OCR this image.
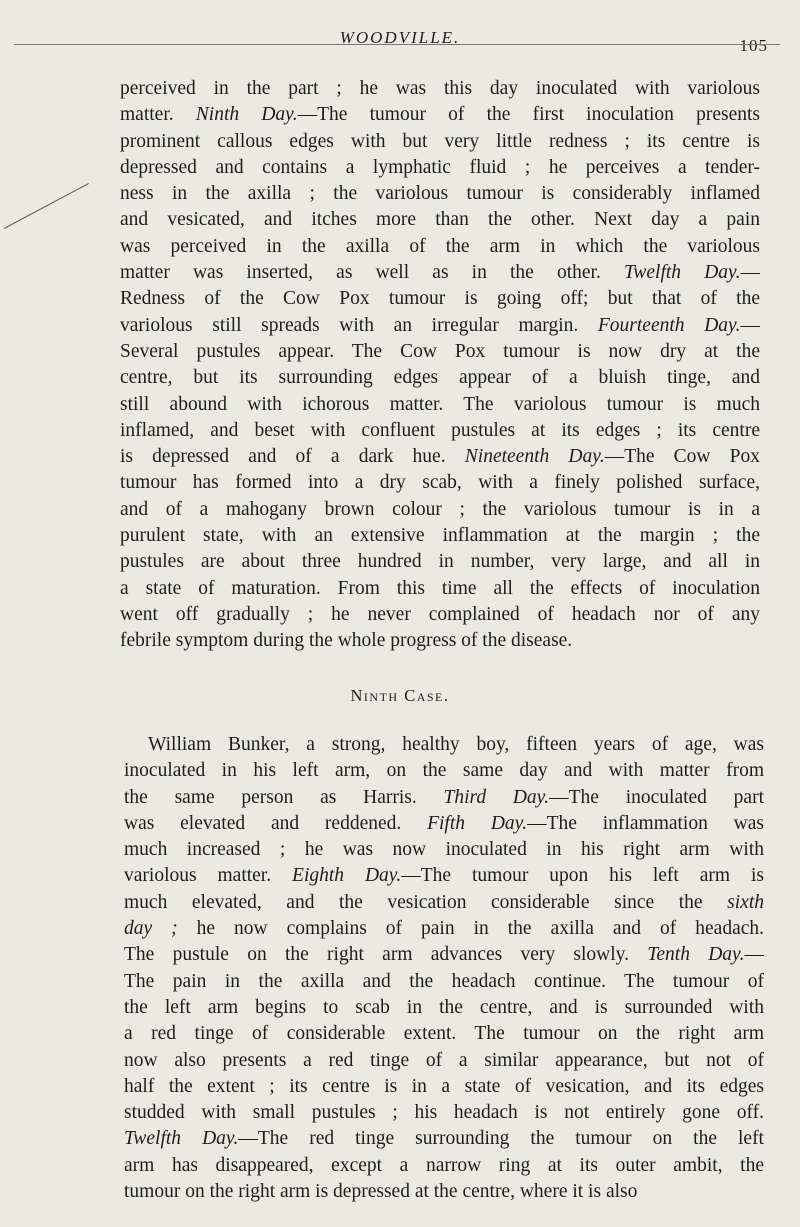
WOODVILLE.	105
perceived in the part ; he was this day inoculated with variolous
matter. Ninth Day.—The tumour of the first inoculation presents
prominent callous edges with but very little redness ; its centre is
depressed and contains a lymphatic fluid ; he perceives a tender-
ness in the axilla ; the variolous tumour is considerably inflamed
and vesicated, and itches more than the other. Next day a pain
was perceived in the axilla of the arm in which the variolous
matter was inserted, as well as in the other. Twelfth Day.—
Redness of the Cow Pox tumour is going off; but that of the
variolous still spreads with an irregular margin. Fourteenth Day.—
Several pustules appear. The Cow Pox tumour is now dry at the
centre, but its surrounding edges appear of a bluish tinge, and
still abound with ichorous matter. The variolous tumour is much
inflamed, and beset with confluent pustules at its edges ; its centre
is depressed and of a dark hue. Nineteenth Day.—The Cow Pox
tumour has formed into a dry scab, with a finely polished surface,
and of a mahogany brown colour ; the variolous tumour is in a
purulent state, with an extensive inflammation at the margin ; the
pustules are about three hundred in number, very large, and all in
a state of maturation. From this time all the effects of inoculation
went off gradually ; he never complained of headach nor of any
febrile symptom during the whole progress of the disease.
Ninth Case.
William Bunker, a strong, healthy boy, fifteen years of age, was
inoculated in his left arm, on the same day and with matter from
the same person as Harris. Third Day.—The inoculated part
was elevated and reddened. Fifth Day.—The inflammation was
much increased ; he was now inoculated in his right arm with
variolous matter. Eighth Day.—The tumour upon his left arm is
much elevated, and the vesication considerable since the sixth
day ; he now complains of pain in the axilla and of headach.
The pustule on the right arm advances very slowly. Tenth Day.—
The pain in the axilla and the headach continue. The tumour of
the left arm begins to scab in the centre, and is surrounded with
a red tinge of considerable extent. The tumour on the right arm
now also presents a red tinge of a similar appearance, but not of
half the extent ; its centre is in a state of vesication, and its edges
studded with small pustules ; his headach is not entirely gone off.
Twelfth Day.—The red tinge surrounding the tumour on the left
arm has disappeared, except a narrow ring at its outer ambit, the
tumour on the right arm is depressed at the centre, where it is also
